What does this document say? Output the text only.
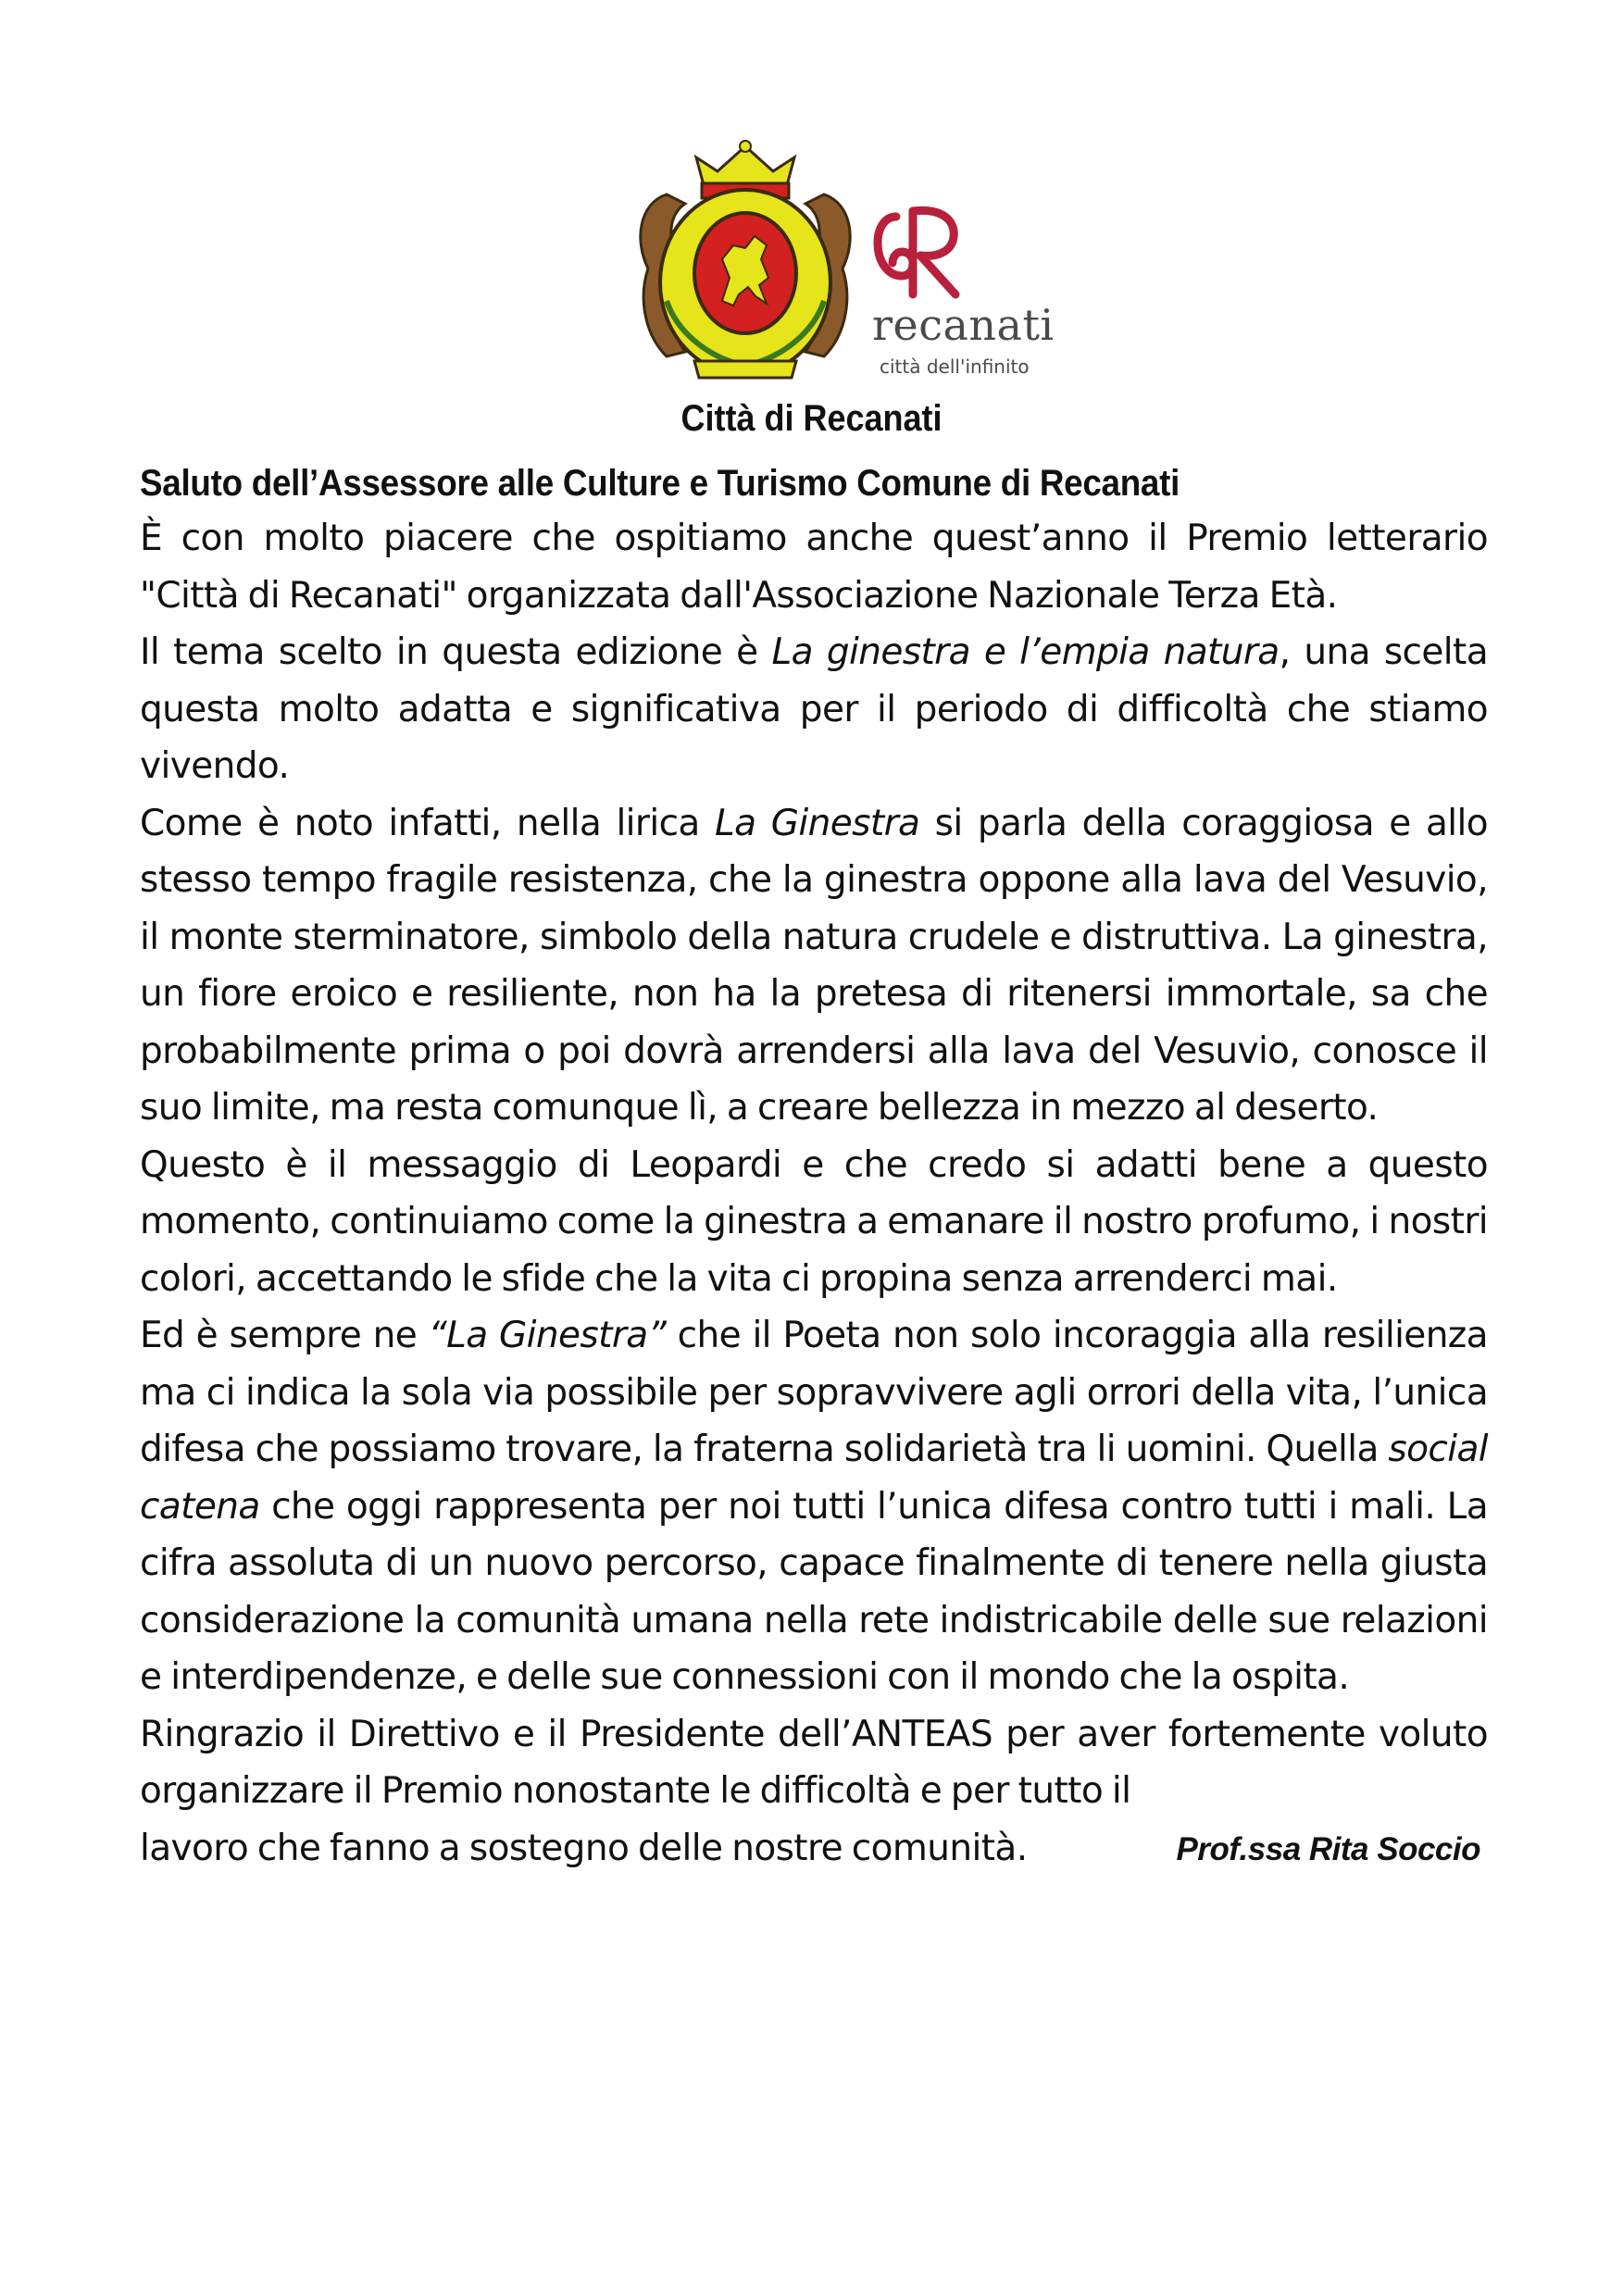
recanati
città dell'infinito
Città di Recanati
Saluto dell’Assessore alle Culture e Turismo Comune di Recanati

È con molto piacere che ospitiamo anche quest’anno il Premio letterario "Città di Recanati" organizzata dall'Associazione Nazionale Terza Età.

Il tema scelto in questa edizione è La ginestra e l’empia natura, una scelta questa molto adatta e significativa per il periodo di difficoltà che stiamo vivendo.

Come è noto infatti, nella lirica La Ginestra si parla della coraggiosa e allo stesso tempo fragile resistenza, che la ginestra oppone alla lava del Vesuvio, il monte sterminatore, simbolo della natura crudele e distruttiva. La ginestra, un fiore eroico e resiliente, non ha la pretesa di ritenersi immortale, sa che probabilmente prima o poi dovrà arrendersi alla lava del Vesuvio, conosce il suo limite, ma resta comunque lì, a creare bellezza in mezzo al deserto.

Questo è il messaggio di Leopardi e che credo si adatti bene a questo momento, continuiamo come la ginestra a emanare il nostro profumo, i nostri colori, accettando le sfide che la vita ci propina senza arrenderci mai.

Ed è sempre ne “La Ginestra” che il Poeta non solo incoraggia alla resilienza ma ci indica la sola via possibile per sopravvivere agli orrori della vita, l’unica difesa che possiamo trovare, la fraterna solidarietà tra li uomini. Quella social catena che oggi rappresenta per noi tutti l’unica difesa contro tutti i mali. La cifra assoluta di un nuovo percorso, capace finalmente di tenere nella giusta considerazione la comunità umana nella rete indistricabile delle sue relazioni e interdipendenze, e delle sue connessioni con il mondo che la ospita.

Ringrazio il Direttivo e il Presidente dell’ANTEAS per aver fortemente voluto organizzare il Premio nonostante le difficoltà e per tutto il

lavoro che fanno a sostegno delle nostre comunità.	Prof.ssa Rita Soccio
